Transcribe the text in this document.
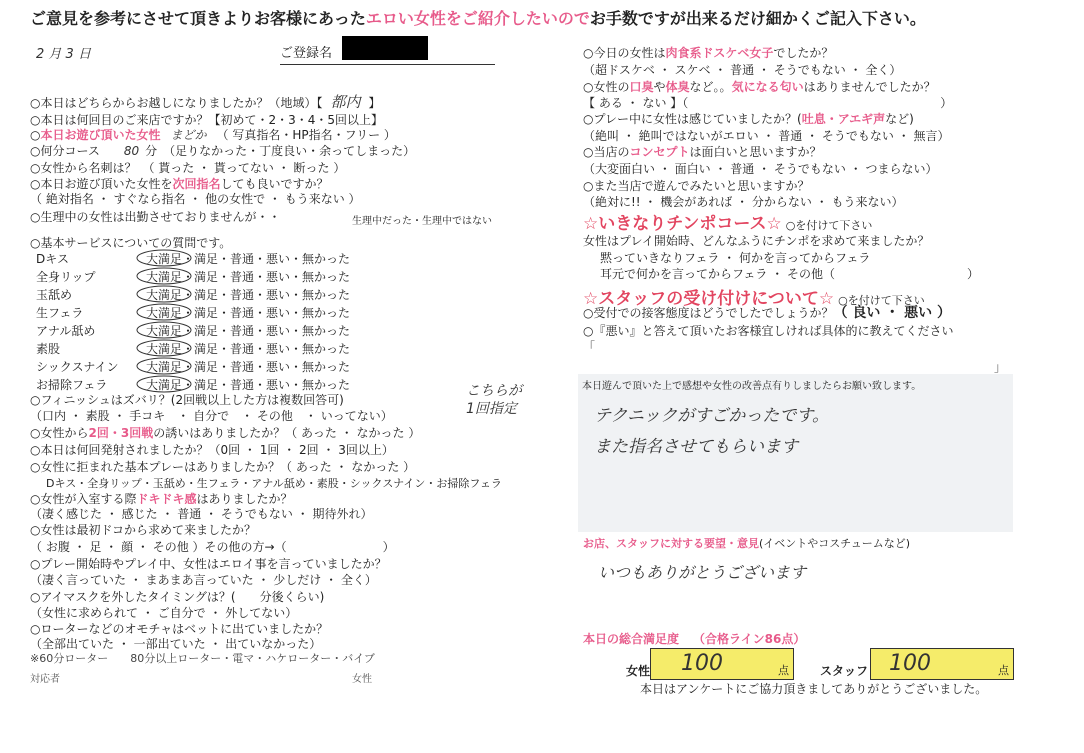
ご意見を参考にさせて頂きよりお客様にあったエロい女性をご紹介したいのでお手数ですが出来るだけ細かくご記入下さい。
2 月 3 日	ご登録名
○本日はどちらからお越しになりましたか？（地域）【 都内 】
○本日は何回目のご来店ですか？【初めて・2・3・4・5回以上】
○本日お遊び頂いた女性 まどか （ 写真指名・HP指名・フリー ）
○何分コース 80 分　（足りなかった・丁度良い・余ってしまった）
○女性から名刺は？　（ 貰った ・ 貰ってない ・ 断った ）
○本日お遊び頂いた女性を次回指名しても良いですか？
（ 絶対指名 ・ すぐなら指名 ・ 他の女性で ・ もう来ない ）
○生理中の女性は出勤させておりませんが・・	生理中だった・生理中ではない
○基本サービスについての質問です。
Dキス	大満足・満足・普通・悪い・無かった
全身リップ	大満足・満足・普通・悪い・無かった
玉舐め	大満足・満足・普通・悪い・無かった
生フェラ	大満足・満足・普通・悪い・無かった
アナル舐め	大満足・満足・普通・悪い・無かった
素股	大満足・満足・普通・悪い・無かった
シックスナイン 大満足・満足・普通・悪い・無かった
お掃除フェラ	大満足・満足・普通・悪い・無かった
○フィニッシュはズバリ？(2回戦以上した方は複数回答可)
（口内 ・ 素股 ・ 手コキ　・ 自分で　・ その他　・ いってない）
こちらが
1回指定
○女性から2回・3回戦の誘いはありましたか？（ あった ・ なかった ）
○本日は何回発射されましたか？（0回 ・ 1回 ・ 2回 ・ 3回以上）
○女性に拒まれた基本プレーはありましたか？（ あった ・ なかった ）
Dキス・全身リップ・玉舐め・生フェラ・アナル舐め・素股・シックスナイン・お掃除フェラ
○女性が入室する際ドキドキ感はありましたか？
（凄く感じた ・ 感じた ・ 普通 ・ そうでもない ・ 期待外れ）
○女性は最初ドコから求めて来ましたか？
（ お腹 ・ 足 ・ 顔 ・ その他 ）その他の方→（　　　　　　　　）
○プレー開始時やプレイ中、女性はエロイ事を言っていましたか？
（凄く言っていた ・ まあまあ言っていた ・ 少しだけ ・ 全く）
○アイマスクを外したタイミングは？(　　分後くらい)
（女性に求められて ・ ご自分で ・ 外してない）
○ローターなどのオモチャはベットに出ていましたか？
（全部出ていた ・ 一部出ていた ・ 出ていなかった）
※60分ローター　　80分以上ローター・電マ・ハケローター・バイブ
対応者	女性
○今日の女性は肉食系ドスケベ女子でしたか？
（超ドスケベ ・ スケベ ・ 普通 ・ そうでもない ・ 全く）
○女性の口臭や体臭など。。気になる匂いはありませんでしたか？
【 ある ・ ない 】（　　　　　　　　　　　　　　　　　　　　　）
○プレー中に女性は感じていましたか？(吐息・アエギ声など)
（絶叫 ・ 絶叫ではないがエロい ・ 普通 ・ そうでもない ・ 無言）
○当店のコンセプトは面白いと思いますか？
（大変面白い ・ 面白い ・ 普通 ・ そうでもない ・ つまらない）
○また当店で遊んでみたいと思いますか？
（絶対に!! ・ 機会があれば ・ 分からない ・ もう来ない）
☆いきなりチンポコース☆ ○を付けて下さい
女性はプレイ開始時、どんなふうにチンポを求めて来ましたか？
黙っていきなりフェラ ・ 何かを言ってからフェラ
耳元で何かを言ってからフェラ ・ その他（　　　　　　　　　　　）
☆スタッフの受け付けについて☆ ○を付けて下さい
○受付での接客態度はどうでしたでしょうか？（ 良い ・ 悪い ）
○『悪い』と答えて頂いたお客様宜しければ具体的に教えてください
「
」
本日遊んで頂いた上で感想や女性の改善点有りしましたらお願い致します。
テクニックがすごかったです。
また指名させてもらいます
お店、スタッフに対する要望・意見(イベントやコスチュームなど)
いつもありがとうございます
本日の総合満足度 （合格ライン86点）
女性 100	点	スタッフ 100	点
本日はアンケートにご協力頂きましてありがとうございました。
